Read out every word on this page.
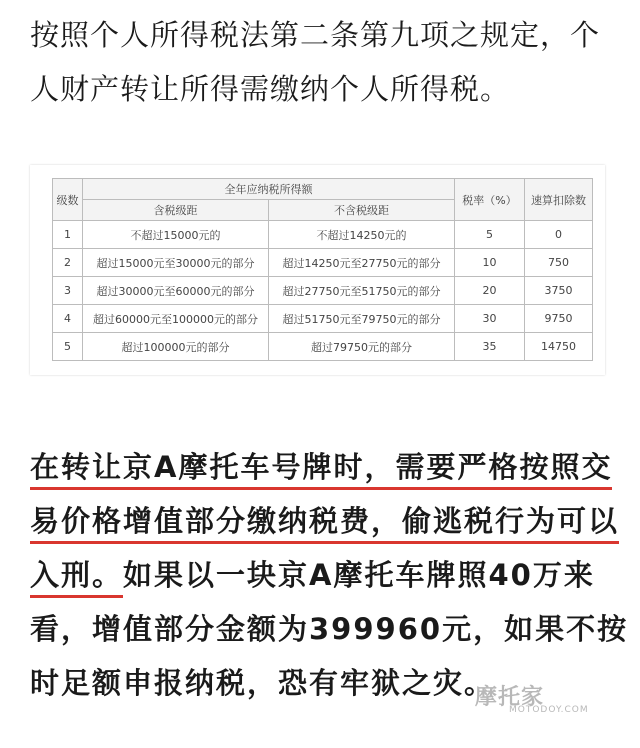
按照个人所得税法第二条第九项之规定，个人财产转让所得需缴纳个人所得税。

级数	全年应纳税所得额		税率（%）	速算扣除数
	含税级距	不含税级距		
1	不超过15000元的	不超过14250元的	5	0
2	超过15000元至30000元的部分	超过14250元至27750元的部分	10	750
3	超过30000元至60000元的部分	超过27750元至51750元的部分	20	3750
4	超过60000元至100000元的部分	超过51750元至79750元的部分	30	9750
5	超过100000元的部分	超过79750元的部分	35	14750

在转让京A摩托车号牌时，需要严格按照交易价格增值部分缴纳税费，偷逃税行为可以入刑。如果以一块京A摩托车牌照40万来看，增值部分金额为399960元，如果不按时足额申报纳税，恐有牢狱之灾。

摩托家
MOTODOY.COM
